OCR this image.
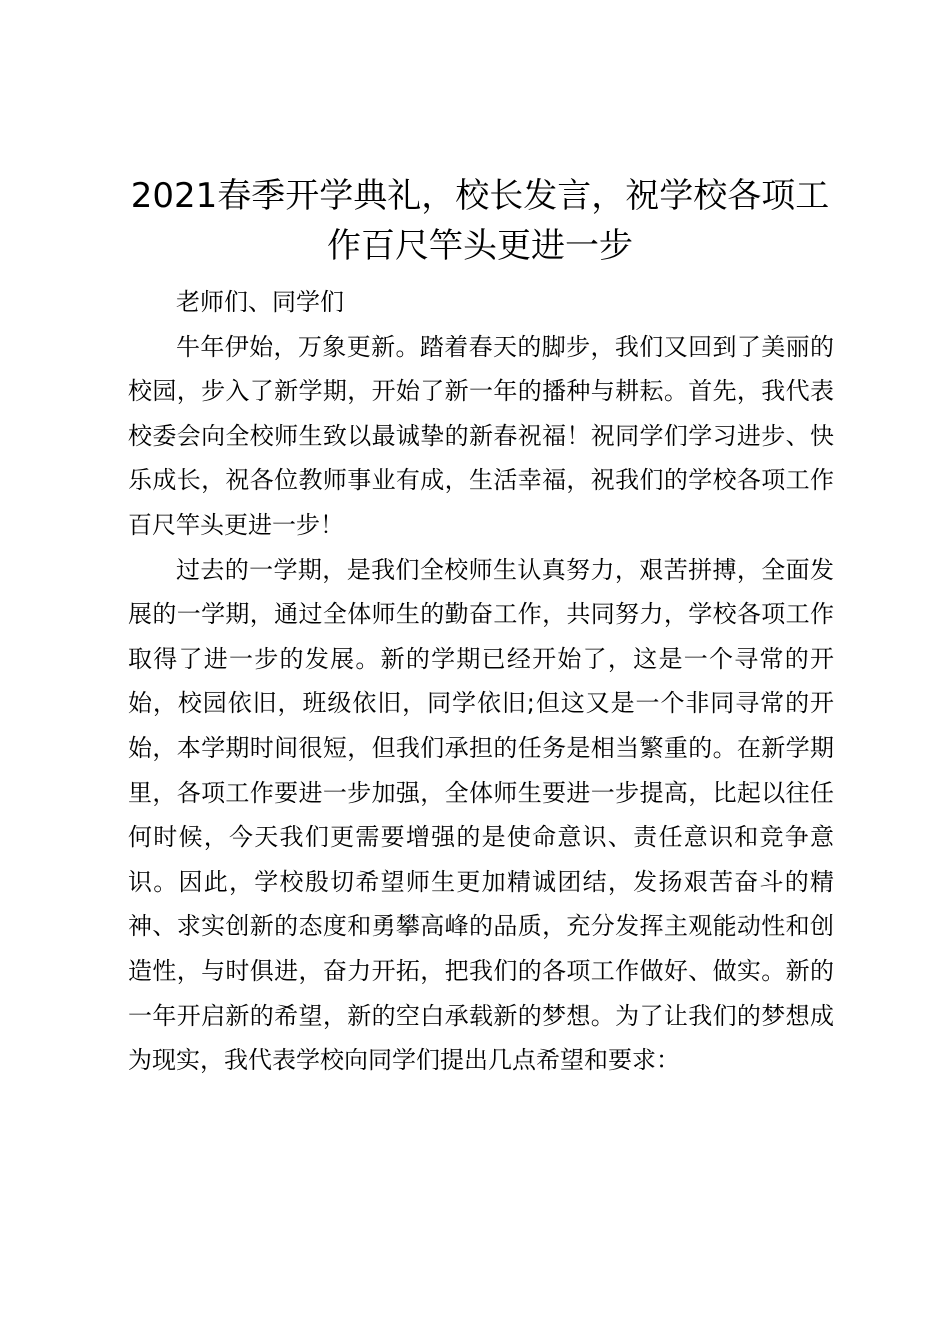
2021春季开学典礼，校长发言，祝学校各项工作百尺竿头更进一步

老师们、同学们

牛年伊始，万象更新。踏着春天的脚步，我们又回到了美丽的校园，步入了新学期，开始了新一年的播种与耕耘。首先，我代表校委会向全校师生致以最诚挚的新春祝福！祝同学们学习进步、快乐成长，祝各位教师事业有成，生活幸福，祝我们的学校各项工作百尺竿头更进一步！

过去的一学期，是我们全校师生认真努力，艰苦拼搏，全面发展的一学期，通过全体师生的勤奋工作，共同努力，学校各项工作取得了进一步的发展。新的学期已经开始了，这是一个寻常的开始，校园依旧，班级依旧，同学依旧;但这又是一个非同寻常的开始，本学期时间很短，但我们承担的任务是相当繁重的。在新学期里，各项工作要进一步加强，全体师生要进一步提高，比起以往任何时候，今天我们更需要增强的是使命意识、责任意识和竞争意识。因此，学校殷切希望师生更加精诚团结，发扬艰苦奋斗的精神、求实创新的态度和勇攀高峰的品质，充分发挥主观能动性和创造性，与时俱进，奋力开拓，把我们的各项工作做好、做实。新的一年开启新的希望，新的空白承载新的梦想。为了让我们的梦想成为现实，我代表学校向同学们提出几点希望和要求：
